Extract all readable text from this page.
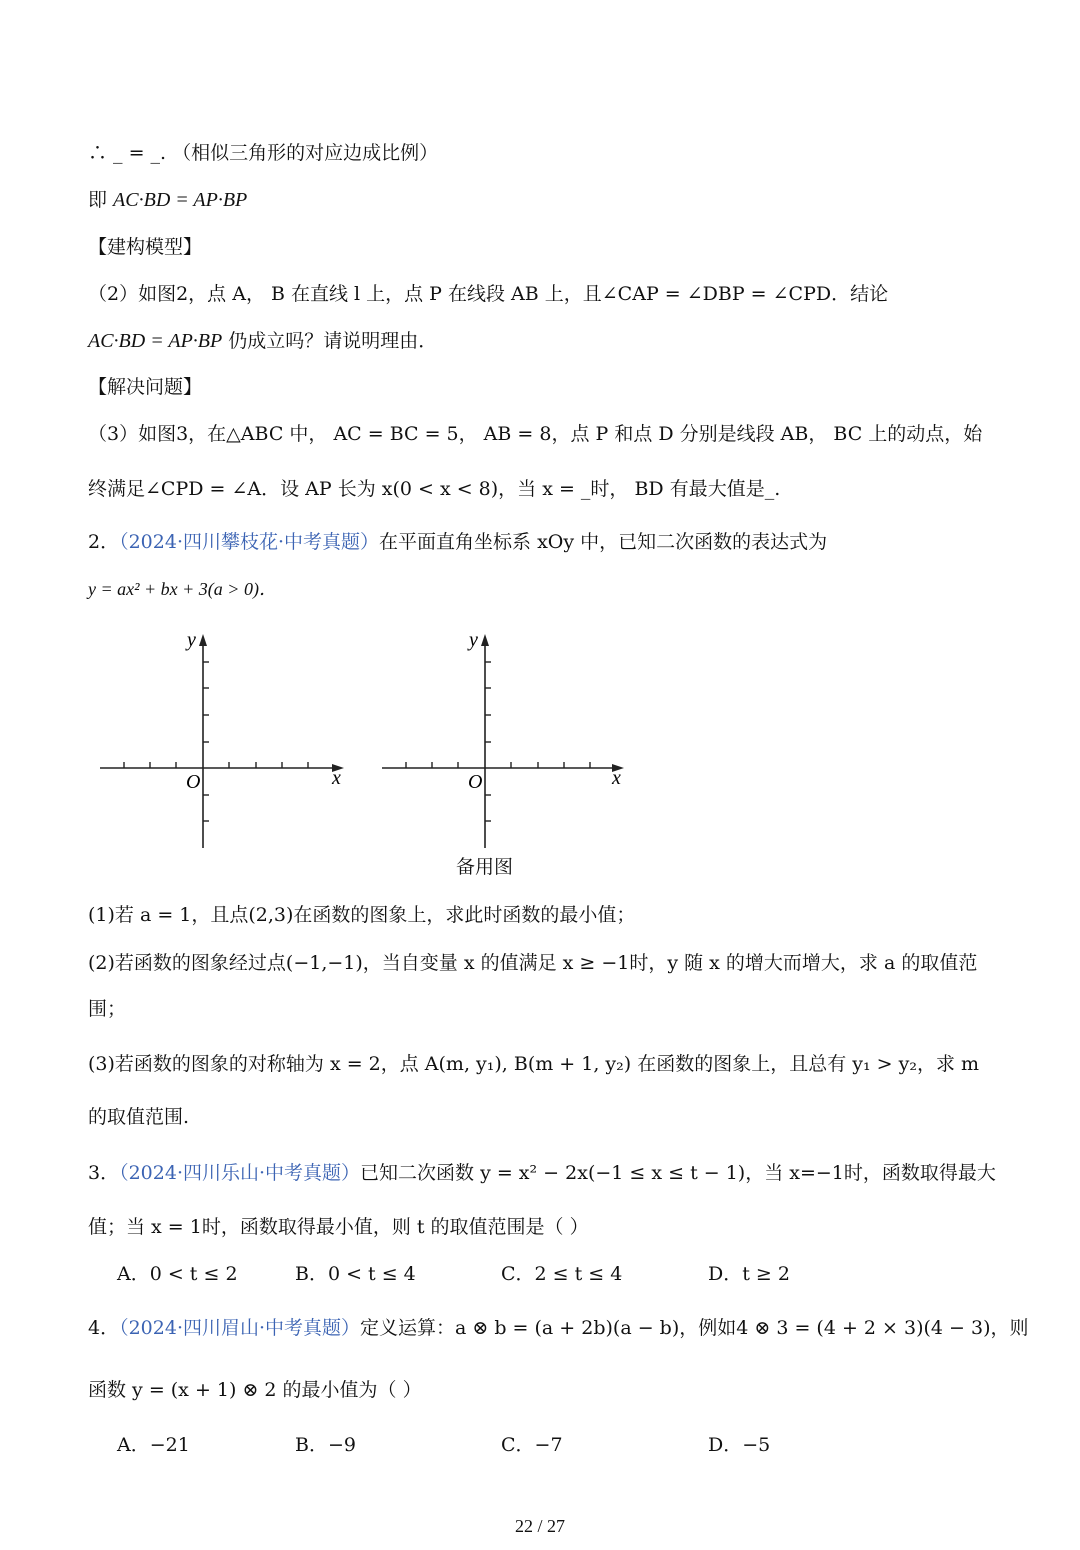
∴ _ = _. （相似三角形的对应边成比例）
即 AC·BD = AP·BP
【建构模型】
（2）如图2，点 A， B 在直线 l 上，点 P 在线段 AB 上，且∠CAP = ∠DBP = ∠CPD．结论
AC·BD = AP·BP 仍成立吗？请说明理由．
【解决问题】
（3）如图3，在△ABC 中， AC = BC = 5， AB = 8，点 P 和点 D 分别是线段 AB， BC 上的动点，始
终满足∠CPD = ∠A．设 AP 长为 x(0 < x < 8)，当 x = _时， BD 有最大值是_.
2．（2024·四川攀枝花·中考真题）在平面直角坐标系 xOy 中，已知二次函数的表达式为
y = ax² + bx + 3(a > 0)．
y
x
O
y
x
O
备用图
(1)若 a = 1，且点(2,3)在函数的图象上，求此时函数的最小值；
(2)若函数的图象经过点(−1,−1)，当自变量 x 的值满足 x ≥ −1时，y 随 x 的增大而增大，求 a 的取值范
围；
(3)若函数的图象的对称轴为 x = 2，点 A(m, y₁), B(m + 1, y₂) 在函数的图象上，且总有 y₁ > y₂，求 m
的取值范围.
3．（2024·四川乐山·中考真题）已知二次函数 y = x² − 2x(−1 ≤ x ≤ t − 1)，当 x=−1时，函数取得最大
值；当 x = 1时，函数取得最小值，则 t 的取值范围是（ ）
A．0 < t ≤ 2	B．0 < t ≤ 4	C．2 ≤ t ≤ 4	D．t ≥ 2
4．（2024·四川眉山·中考真题）定义运算：a ⊗ b = (a + 2b)(a − b)，例如4 ⊗ 3 = (4 + 2 × 3)(4 − 3)，则
函数 y = (x + 1) ⊗ 2 的最小值为（ ）
A．−21	B．−9	C．−7	D．−5
22 / 27
